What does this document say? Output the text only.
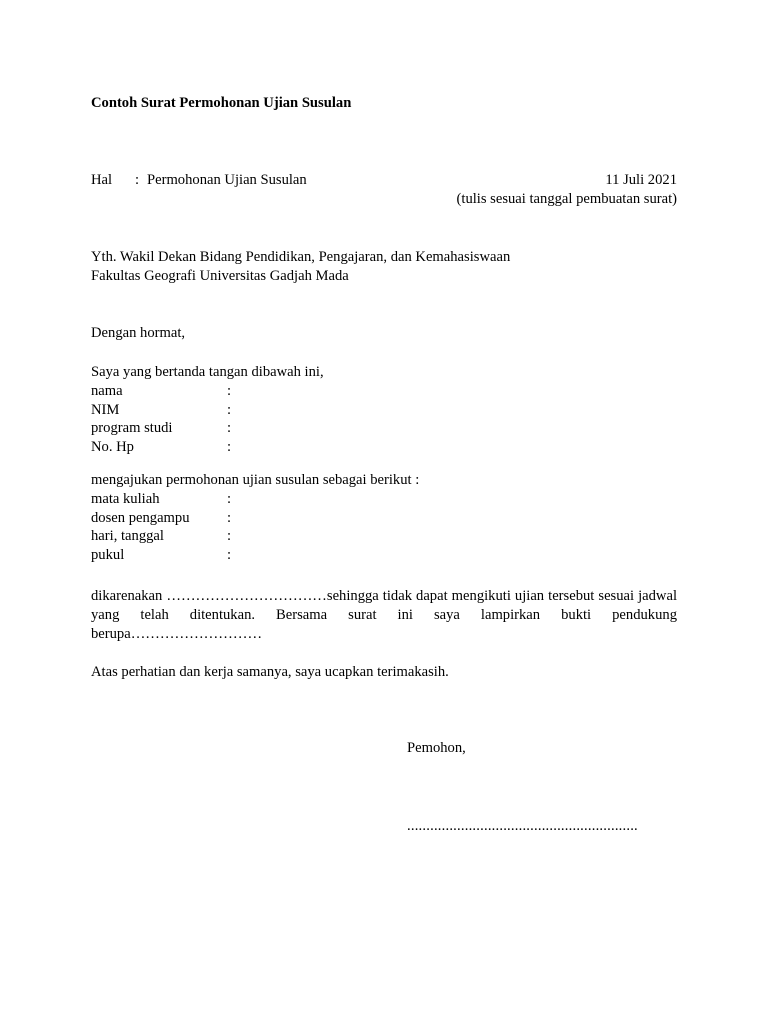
Contoh Surat Permohonan Ujian Susulan
Hal : Permohonan Ujian Susulan	11 Juli 2021
(tulis sesuai tanggal pembuatan surat)
Yth. Wakil Dekan Bidang Pendidikan, Pengajaran, dan Kemahasiswaan
Fakultas Geografi Universitas Gadjah Mada
Dengan hormat,
Saya yang bertanda tangan dibawah ini,
nama	:
NIM	:
program studi	:
No. Hp	:
mengajukan permohonan ujian susulan sebagai berikut :
mata kuliah	:
dosen pengampu	:
hari, tanggal	:
pukul	:
dikarenakan ……………………………sehingga tidak dapat mengikuti ujian tersebut sesuai jadwal yang telah ditentukan. Bersama surat ini saya lampirkan bukti pendukung berupa………………………
Atas perhatian dan kerja samanya, saya ucapkan terimakasih.
Pemohon,
............................................................
